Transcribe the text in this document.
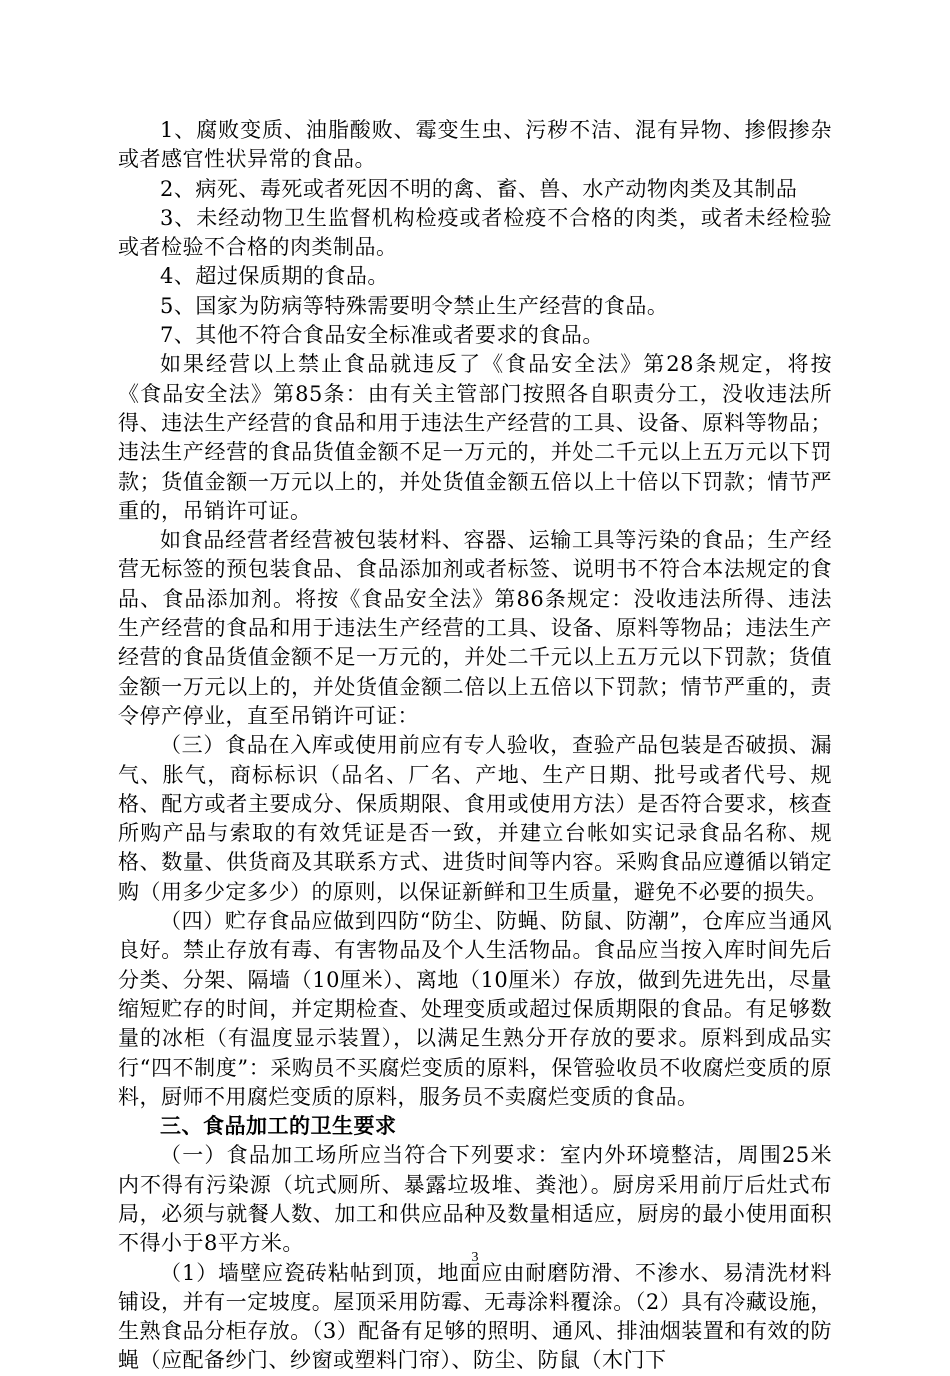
1、腐败变质、油脂酸败、霉变生虫、污秽不洁、混有异物、掺假掺杂或者感官性状异常的食品。

2、病死、毒死或者死因不明的禽、畜、兽、水产动物肉类及其制品

3、未经动物卫生监督机构检疫或者检疫不合格的肉类，或者未经检验或者检验不合格的肉类制品。

4、超过保质期的食品。

5、国家为防病等特殊需要明令禁止生产经营的食品。

7、其他不符合食品安全标准或者要求的食品。

如果经营以上禁止食品就违反了《食品安全法》第28条规定，将按《食品安全法》第85条：由有关主管部门按照各自职责分工，没收违法所得、违法生产经营的食品和用于违法生产经营的工具、设备、原料等物品；违法生产经营的食品货值金额不足一万元的，并处二千元以上五万元以下罚款；货值金额一万元以上的，并处货值金额五倍以上十倍以下罚款；情节严重的，吊销许可证。

如食品经营者经营被包装材料、容器、运输工具等污染的食品；生产经营无标签的预包装食品、食品添加剂或者标签、说明书不符合本法规定的食品、食品添加剂。将按《食品安全法》第86条规定：没收违法所得、违法生产经营的食品和用于违法生产经营的工具、设备、原料等物品；违法生产经营的食品货值金额不足一万元的，并处二千元以上五万元以下罚款；货值金额一万元以上的，并处货值金额二倍以上五倍以下罚款；情节严重的，责令停产停业，直至吊销许可证：

（三）食品在入库或使用前应有专人验收，查验产品包装是否破损、漏气、胀气，商标标识（品名、厂名、产地、生产日期、批号或者代号、规格、配方或者主要成分、保质期限、食用或使用方法）是否符合要求，核查所购产品与索取的有效凭证是否一致，并建立台帐如实记录食品名称、规格、数量、供货商及其联系方式、进货时间等内容。采购食品应遵循以销定购（用多少定多少）的原则，以保证新鲜和卫生质量，避免不必要的损失。

（四）贮存食品应做到四防“防尘、防蝇、防鼠、防潮”，仓库应当通风良好。禁止存放有毒、有害物品及个人生活物品。食品应当按入库时间先后分类、分架、隔墙（10厘米）、离地（10厘米）存放，做到先进先出，尽量缩短贮存的时间，并定期检查、处理变质或超过保质期限的食品。有足够数量的冰柜（有温度显示装置），以满足生熟分开存放的要求。原料到成品实行“四不制度”：采购员不买腐烂变质的原料，保管验收员不收腐烂变质的原料，厨师不用腐烂变质的原料，服务员不卖腐烂变质的食品。

三、食品加工的卫生要求

（一）食品加工场所应当符合下列要求：室内外环境整洁，周围25米内不得有污染源（坑式厕所、暴露垃圾堆、粪池）。厨房采用前厅后灶式布局，必须与就餐人数、加工和供应品种及数量相适应，厨房的最小使用面积不得小于8平方米。

（1）墙壁应瓷砖粘帖到顶，地面应由耐磨防滑、不渗水、易清洗材料铺设，并有一定坡度。屋顶采用防霉、无毒涂料覆涂。（2）具有冷藏设施，生熟食品分柜存放。（3）配备有足够的照明、通风、排油烟装置和有效的防蝇（应配备纱门、纱窗或塑料门帘）、防尘、防鼠（木门下

3
